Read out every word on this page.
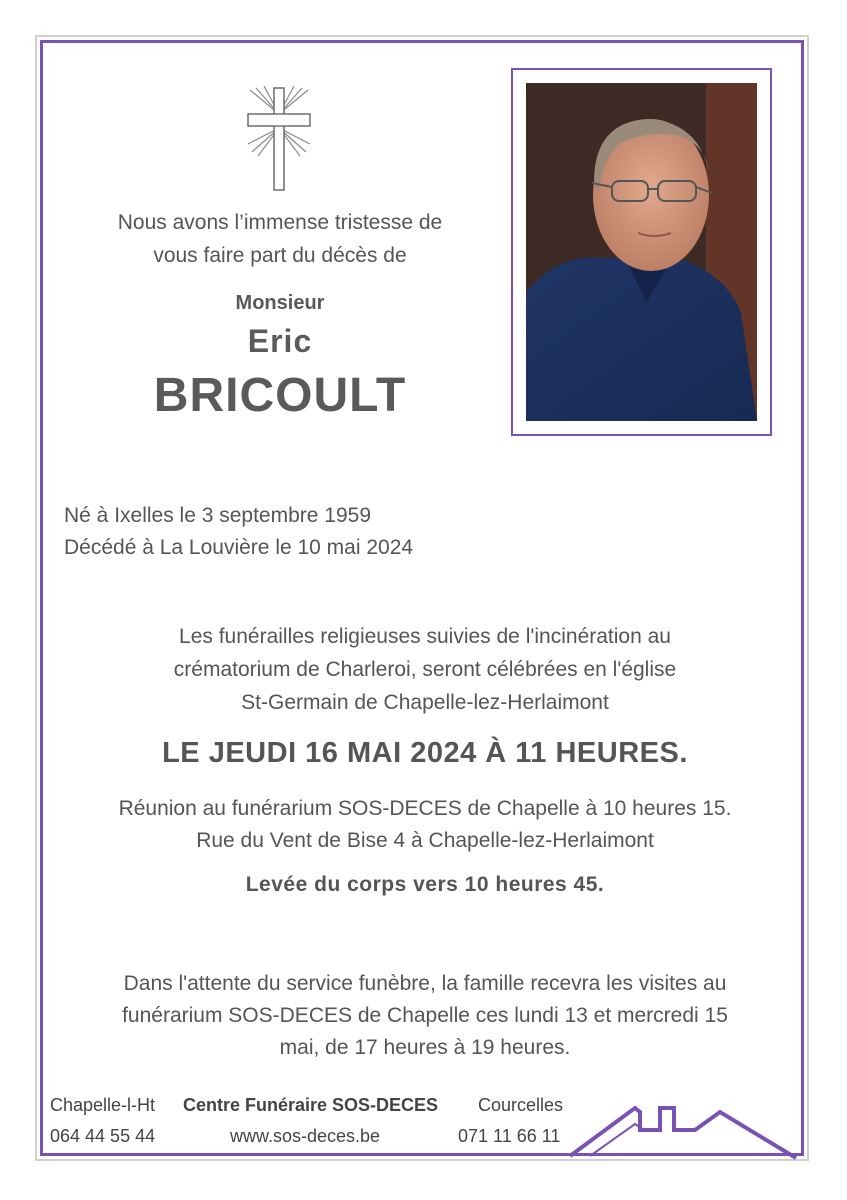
Nous avons l’immense tristesse de
vous faire part du décès de
Monsieur
Eric
BRICOULT
Né à Ixelles le 3 septembre 1959
Décédé à La Louvière le 10 mai 2024
Les funérailles religieuses suivies de l'incinération au
crématorium de Charleroi, seront célébrées en l'église
St-Germain de Chapelle-lez-Herlaimont
LE JEUDI 16 MAI 2024 À 11 HEURES.
Réunion au funérarium SOS-DECES de Chapelle à 10 heures 15.
Rue du Vent de Bise 4 à Chapelle-lez-Herlaimont
Levée du corps vers 10 heures 45.
Dans l'attente du service funèbre, la famille recevra les visites au
funérarium SOS-DECES de Chapelle ces lundi 13 et mercredi 15
mai, de 17 heures à 19 heures.
Chapelle-l-Ht
064 44 55 44
Centre Funéraire SOS-DECES
www.sos-deces.be
Courcelles
071 11 66 11
